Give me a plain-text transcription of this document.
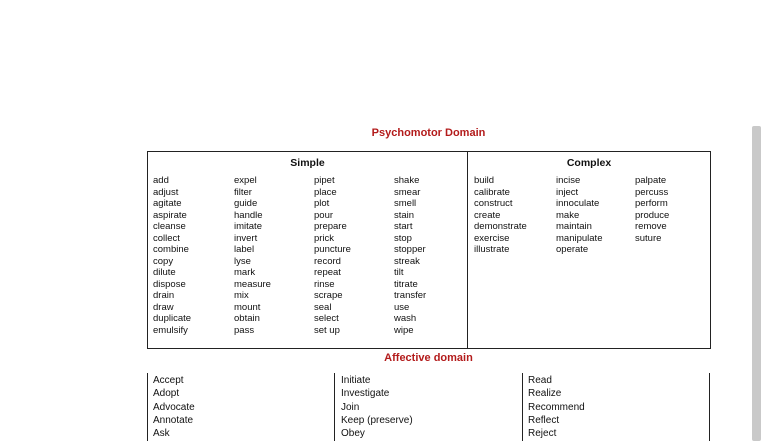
Psychomotor Domain
Simple	Complex
add
adjust
agitate
aspirate
cleanse
collect
combine
copy
dilute
dispose
drain
draw
duplicate
emulsify
expel
filter
guide
handle
imitate
invert
label
lyse
mark
measure
mix
mount
obtain
pass
pipet
place
plot
pour
prepare
prick
puncture
record
repeat
rinse
scrape
seal
select
set up
shake
smear
smell
stain
start
stop
stopper
streak
tilt
titrate
transfer
use
wash
wipe
build
calibrate
construct
create
demonstrate
exercise
illustrate
incise
inject
innoculate
make
maintain
manipulate
operate
palpate
percuss
perform
produce
remove
suture
Affective domain
Accept
Adopt
Advocate
Annotate
Ask
Initiate
Investigate
Join
Keep (preserve)
Obey
Read
Realize
Recommend
Reflect
Reject
